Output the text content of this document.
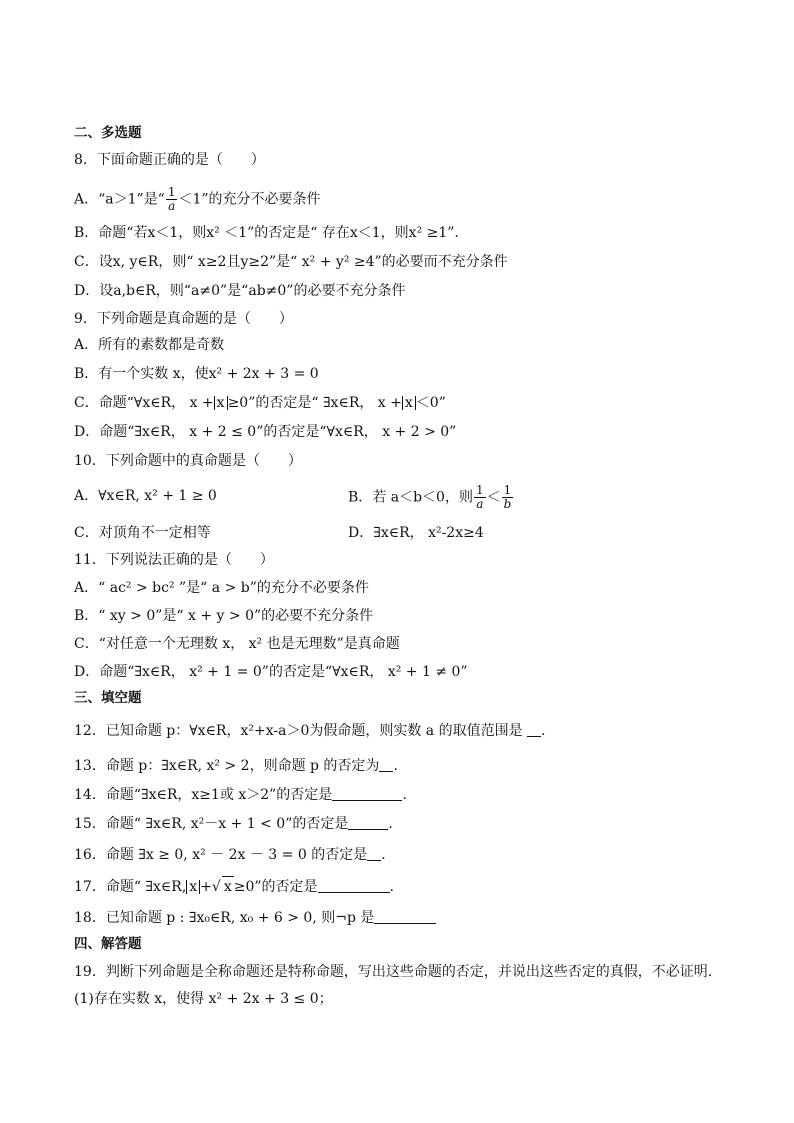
二、多选题
8．下面命题正确的是（　　）
A．“a＞1”是“ $\frac{1}{a} <1$”的充分不必要条件
B．命题“若x＜1，则x² ＜1”的否定是“ 存在x＜1，则x² ≥1”.
C．设x, y∈R，则“ x≥2且y≥2”是“ x² + y² ≥4”的必要而不充分条件
D．设a,b∈R，则“a≠0”是“ab≠0”的必要不充分条件
9．下列命题是真命题的是（　　）
A．所有的素数都是奇数
B．有一个实数 x，使x² + 2x + 3 = 0
C．命题“∀x∈R， x + x ≥0”的否定是“ ∃x∈R， x + x ＜0”
D．命题“∃x∈R， x + 2 ≤ 0”的否定是“∀x∈R， x + 2 > 0”
10．下列命题中的真命题是（　　）
A．∀x∈R, x² + 1 ≥ 0	B．若 a＜b＜0，则 $\frac{1}{a} < \frac{1}{b}$
C．对顶角不一定相等	D．∃x∈R， x²-2x≥4
11．下列说法正确的是（　　）
A．“ ac² > bc² ”是“ a > b”的充分不必要条件
B．“ xy > 0”是“ x + y > 0”的必要不充分条件
C．“对任意一个无理数 x， x² 也是无理数”是真命题
D．命题“∃x∈R， x² + 1 = 0”的否定是“∀x∈R， x² + 1 ≠ 0”
三、填空题
12．已知命题 p：∀x∈R，x²+x-a＞0为假命题，则实数 a 的取值范围是 .
13．命题 p：∃x∈R, x² > 2，则命题 p 的否定为 .
14．命题“∃x∈R，x≥1或 x＞2”的否定是	.
15．命题“ ∃x∈R, x²－x + 1 < 0”的否定是	.
16．命题 ∃x ≥ 0, x² － 2x － 3 = 0 的否定是 .
17．命题“ ∃x∈R, x +√ x ≥0”的否定是	.
18．已知命题 p : ∃x₀∈R, x₀ + 6 > 0, 则¬p 是
四、解答题
19．判断下列命题是全称命题还是特称命题，写出这些命题的否定，并说出这些否定的真假，不必证明.
(1)存在实数 x，使得 x² + 2x + 3 ≤ 0；
